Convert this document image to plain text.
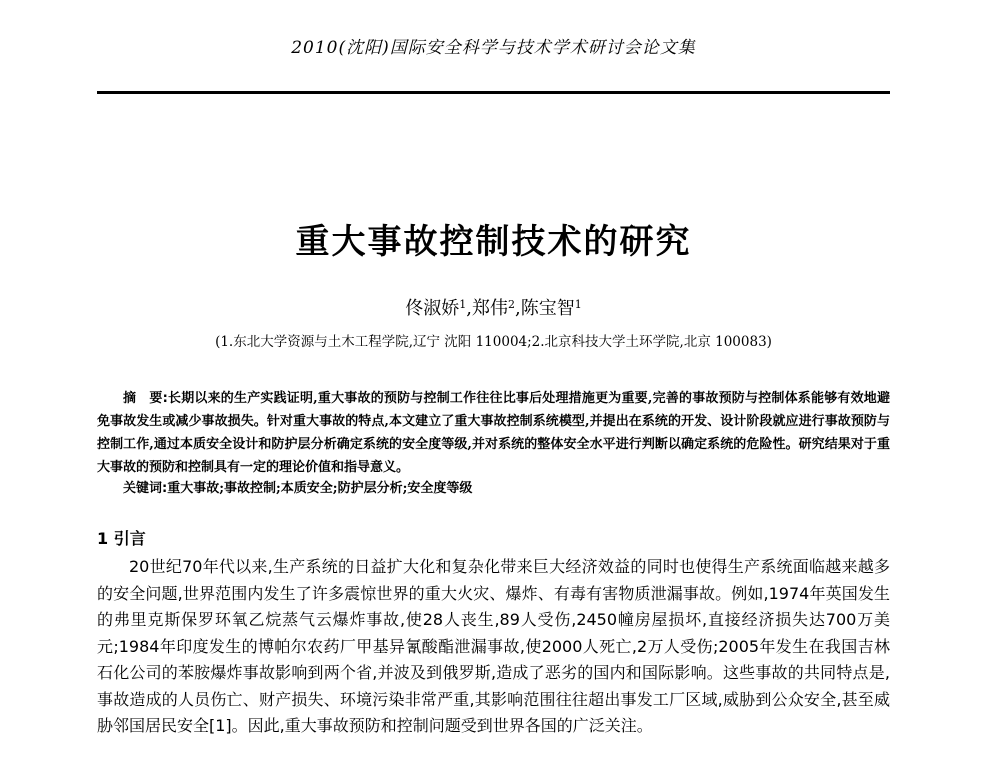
2010(沈阳)国际安全科学与技术学术研讨会论文集
重大事故控制技术的研究
佟淑娇$^1$,郑伟$^2$,陈宝智$^1$
(1.东北大学资源与土木工程学院,辽宁 沈阳 110004;2.北京科技大学土环学院,北京 100083)
摘　要:长期以来的生产实践证明,重大事故的预防与控制工作往往比事后处理措施更为重要,完善的事故预防与控制体系能够有效地避免事故发生或减少事故损失。针对重大事故的特点,本文建立了重大事故控制系统模型,并提出在系统的开发、设计阶段就应进行事故预防与控制工作,通过本质安全设计和防护层分析确定系统的安全度等级,并对系统的整体安全水平进行判断以确定系统的危险性。研究结果对于重大事故的预防和控制具有一定的理论价值和指导意义。
关键词:重大事故;事故控制;本质安全;防护层分析;安全度等级
1 引言
20世纪70年代以来,生产系统的日益扩大化和复杂化带来巨大经济效益的同时也使得生产系统面临越来越多的安全问题,世界范围内发生了许多震惊世界的重大火灾、爆炸、有毒有害物质泄漏事故。例如,1974年英国发生的弗里克斯保罗环氧乙烷蒸气云爆炸事故,使28人丧生,89人受伤,2450幢房屋损坏,直接经济损失达700万美元;1984年印度发生的博帕尔农药厂甲基异氰酸酯泄漏事故,使2000人死亡,2万人受伤;2005年发生在我国吉林石化公司的苯胺爆炸事故影响到两个省,并波及到俄罗斯,造成了恶劣的国内和国际影响。这些事故的共同特点是,事故造成的人员伤亡、财产损失、环境污染非常严重,其影响范围往往超出事发工厂区域,威胁到公众安全,甚至威胁邻国居民安全[1]。因此,重大事故预防和控制问题受到世界各国的广泛关注。
